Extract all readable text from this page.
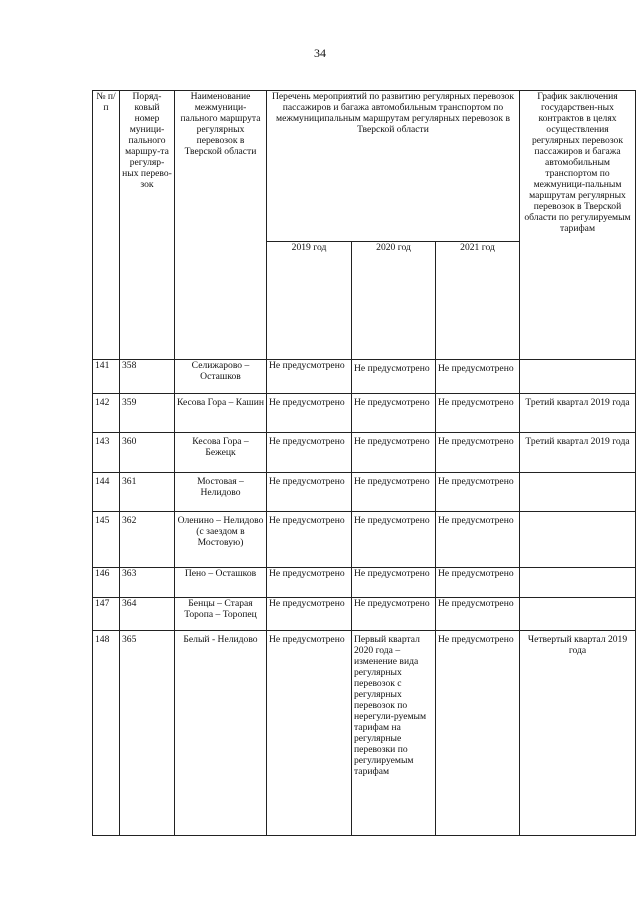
34
№ п/п	Поряд-ковый номер муници-пального маршру-та регуляр-ных перево-зок	Наименование межмуници-пального маршрута регулярных перевозок в Тверской области	Перечень мероприятий по развитию регулярных перевозок пассажиров и багажа автомобильным транспортом по межмуниципальным маршрутам регулярных перевозок в Тверской области			График заключения государствен-ных контрактов в целях осуществления регулярных перевозок пассажиров и багажа автомобильным транспортом по межмуници-пальным маршрутам регулярных перевозок в Тверской области по регулируемым тарифам
			2019 год	2020 год	2021 год	
141	358	Селижарово – Осташков	Не предусмотрено	Не предусмотрено	Не предусмотрено	
142	359	Кесова Гора – Кашин	Не предусмотрено	Не предусмотрено	Не предусмотрено	Третий квартал 2019 года
143	360	Кесова Гора – Бежецк	Не предусмотрено	Не предусмотрено	Не предусмотрено	Третий квартал 2019 года
144	361	Мостовая – Нелидово	Не предусмотрено	Не предусмотрено	Не предусмотрено	
145	362	Оленино – Нелидово (с заездом в Мостовую)	Не предусмотрено	Не предусмотрено	Не предусмотрено	
146	363	Пено – Осташков	Не предусмотрено	Не предусмотрено	Не предусмотрено	
147	364	Бенцы – Старая Торопа – Торопец	Не предусмотрено	Не предусмотрено	Не предусмотрено	
148	365	Белый - Нелидово	Не предусмотрено	Первый квартал 2020 года – изменение вида регулярных перевозок с регулярных перевозок по нерегули-руемым тарифам на регулярные перевозки по регулируемым тарифам	Не предусмотрено	Четвертый квартал 2019 года
